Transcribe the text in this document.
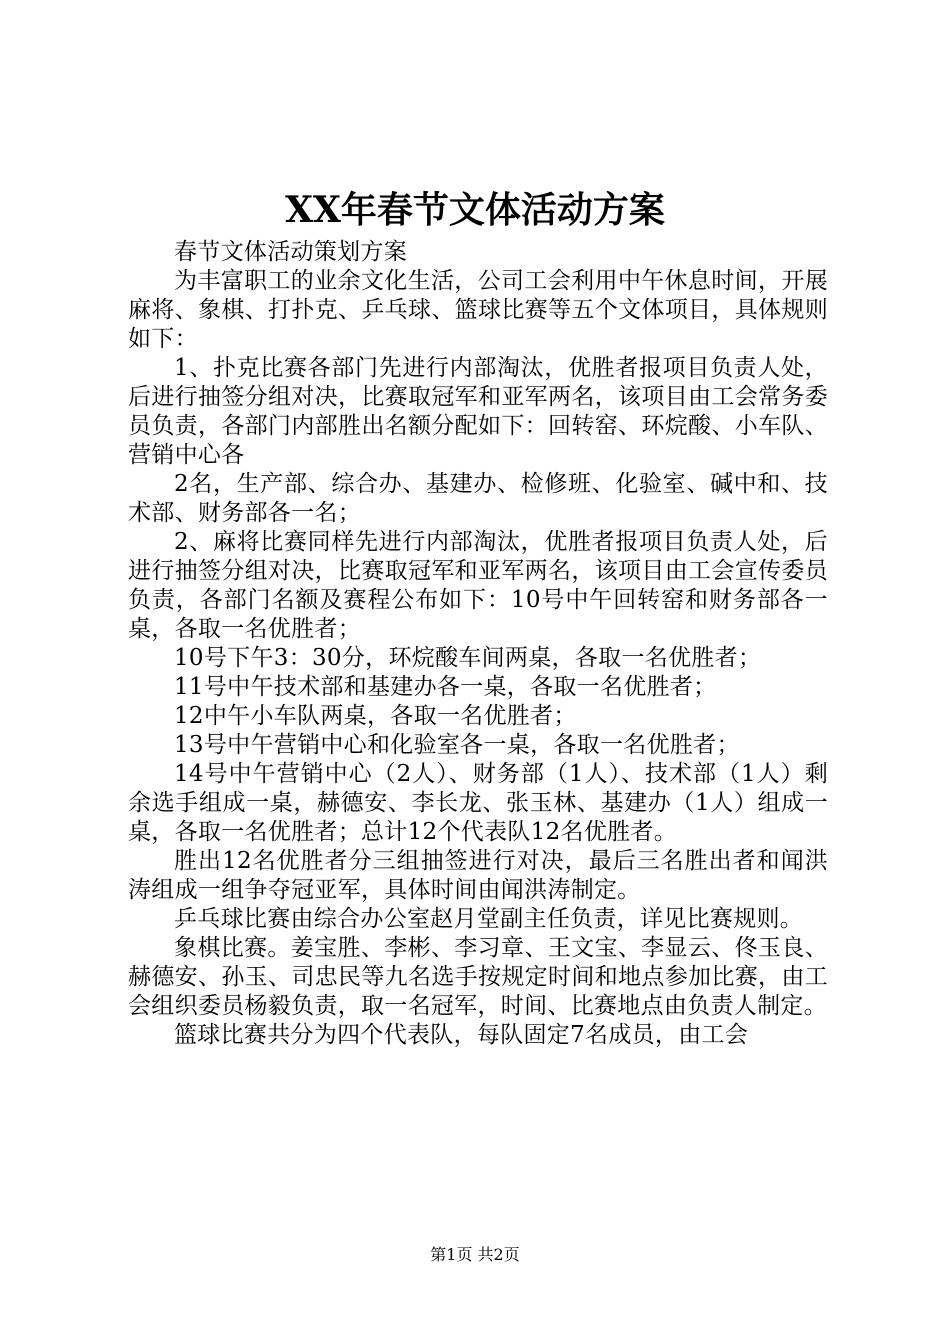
XX年春节文体活动方案

春节文体活动策划方案

为丰富职工的业余文化生活，公司工会利用中午休息时间，开展麻将、象棋、打扑克、乒乓球、篮球比赛等五个文体项目，具体规则如下：

1、扑克比赛各部门先进行内部淘汰，优胜者报项目负责人处，后进行抽签分组对决，比赛取冠军和亚军两名，该项目由工会常务委员负责，各部门内部胜出名额分配如下：回转窑、环烷酸、小车队、营销中心各

2名，生产部、综合办、基建办、检修班、化验室、碱中和、技术部、财务部各一名；

2、麻将比赛同样先进行内部淘汰，优胜者报项目负责人处，后进行抽签分组对决，比赛取冠军和亚军两名，该项目由工会宣传委员负责，各部门名额及赛程公布如下：10号中午回转窑和财务部各一桌，各取一名优胜者；

10号下午3：30分，环烷酸车间两桌，各取一名优胜者；

11号中午技术部和基建办各一桌，各取一名优胜者；

12中午小车队两桌，各取一名优胜者；

13号中午营销中心和化验室各一桌，各取一名优胜者；

14号中午营销中心（2人）、财务部（1人）、技术部（1人）剩余选手组成一桌，赫德安、李长龙、张玉林、基建办（1人）组成一桌，各取一名优胜者；总计12个代表队12名优胜者。

胜出12名优胜者分三组抽签进行对决，最后三名胜出者和闻洪涛组成一组争夺冠亚军，具体时间由闻洪涛制定。

乒乓球比赛由综合办公室赵月堂副主任负责，详见比赛规则。

象棋比赛。姜宝胜、李彬、李习章、王文宝、李显云、佟玉良、赫德安、孙玉、司忠民等九名选手按规定时间和地点参加比赛，由工会组织委员杨毅负责，取一名冠军，时间、比赛地点由负责人制定。

篮球比赛共分为四个代表队，每队固定7名成员，由工会

第1页 共2页
